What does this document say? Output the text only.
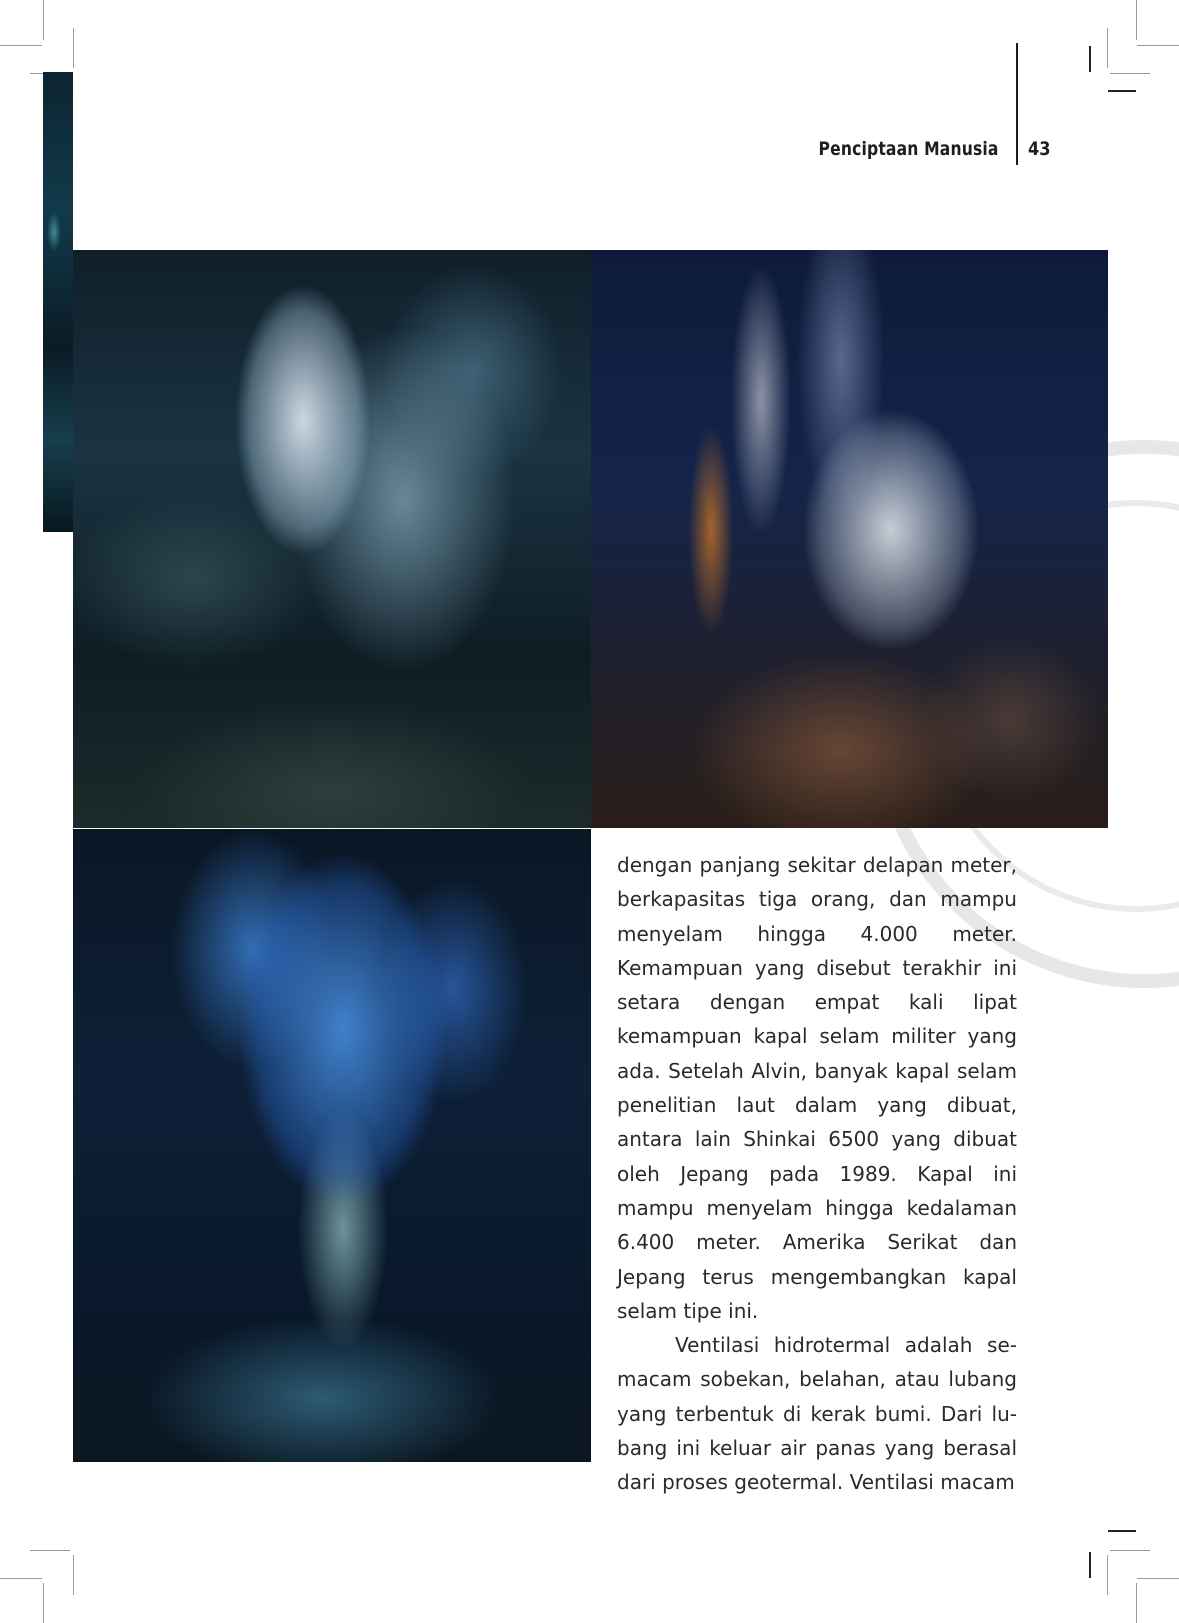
Penciptaan Manusia 43

dengan panjang sekitar delapan meter, berkapasitas tiga orang, dan mampu menyelam hingga 4.000 meter. Kemampuan yang disebut terakhir ini setara dengan empat kali lipat kemampuan kapal selam militer yang ada. Setelah Alvin, banyak kapal selam penelitian laut dalam yang dibuat, antara lain Shinkai 6500 yang dibuat oleh Jepang pada 1989. Kapal ini mampu menyelam hingga kedalaman 6.400 meter. Amerika Serikat dan Jepang terus mengembangkan kapal selam tipe ini.

Ventilasi hidrotermal adalah semacam sobekan, belahan, atau lubang yang terbentuk di kerak bumi. Dari lubang ini keluar air panas yang berasal dari proses geotermal. Ventilasi macam
